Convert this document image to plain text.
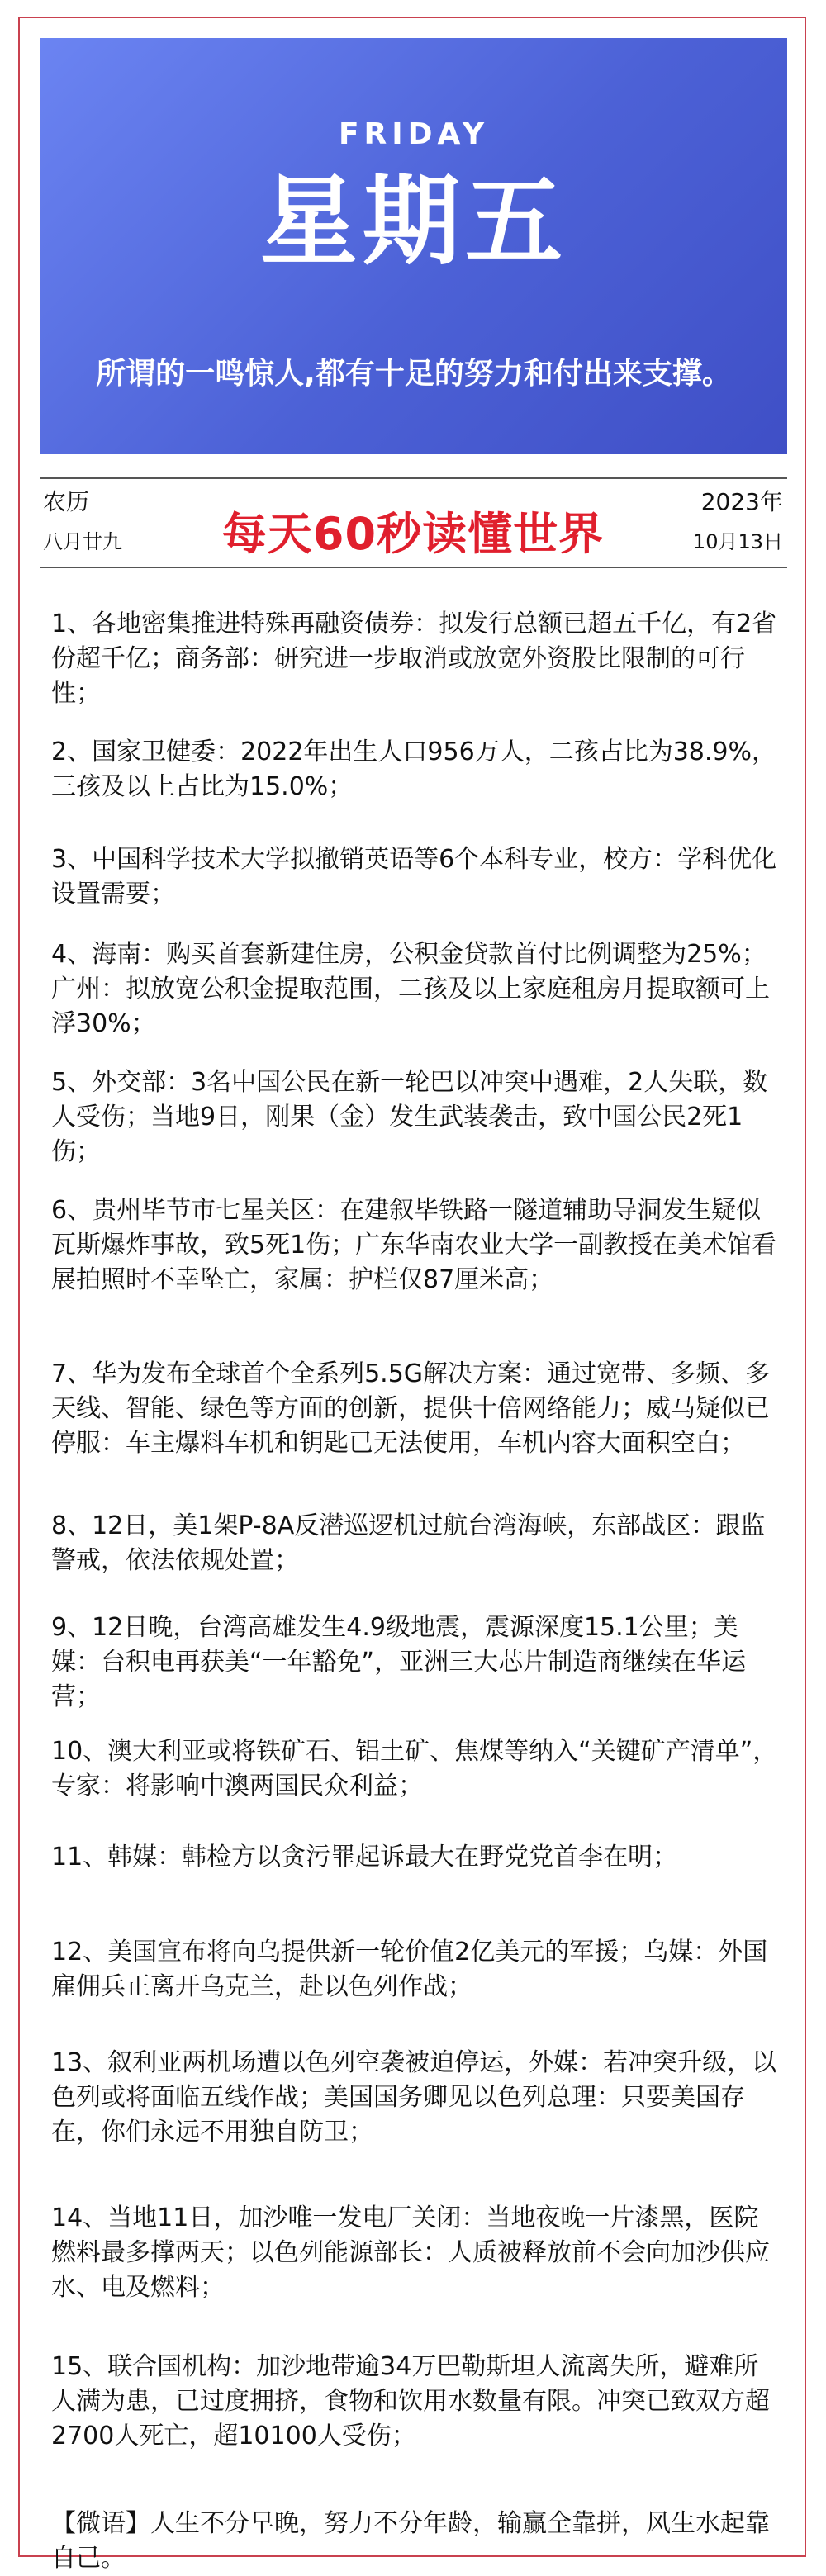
FRIDAY
星期五
所谓的一鸣惊人,都有十足的努力和付出来支撑。
农历
八月廿九	每天60秒读懂世界
2023年
10月13日
1、各地密集推进特殊再融资债券：拟发行总额已超五千亿，有2省份超千亿；商务部：研究进一步取消或放宽外资股比限制的可行性；
2、国家卫健委：2022年出生人口956万人，二孩占比为38.9%，三孩及以上占比为15.0%；
3、中国科学技术大学拟撤销英语等6个本科专业，校方：学科优化设置需要；
4、海南：购买首套新建住房，公积金贷款首付比例调整为25%；广州：拟放宽公积金提取范围，二孩及以上家庭租房月提取额可上浮30%；
5、外交部：3名中国公民在新一轮巴以冲突中遇难，2人失联，数人受伤；当地9日，刚果（金）发生武装袭击，致中国公民2死1伤；
6、贵州毕节市七星关区：在建叙毕铁路一隧道辅助导洞发生疑似瓦斯爆炸事故，致5死1伤；广东华南农业大学一副教授在美术馆看展拍照时不幸坠亡，家属：护栏仅87厘米高；
7、华为发布全球首个全系列5.5G解决方案：通过宽带、多频、多天线、智能、绿色等方面的创新，提供十倍网络能力；威马疑似已停服：车主爆料车机和钥匙已无法使用，车机内容大面积空白；
8、12日，美1架P-8A反潜巡逻机过航台湾海峡，东部战区：跟监警戒，依法依规处置；
9、12日晚，台湾高雄发生4.9级地震，震源深度15.1公里；美媒：台积电再获美“一年豁免”，亚洲三大芯片制造商继续在华运营；
10、澳大利亚或将铁矿石、铝土矿、焦煤等纳入“关键矿产清单”，专家：将影响中澳两国民众利益；
11、韩媒：韩检方以贪污罪起诉最大在野党党首李在明；
12、美国宣布将向乌提供新一轮价值2亿美元的军援；乌媒：外国雇佣兵正离开乌克兰，赴以色列作战；
13、叙利亚两机场遭以色列空袭被迫停运，外媒：若冲突升级，以色列或将面临五线作战；美国国务卿见以色列总理：只要美国存在，你们永远不用独自防卫；
14、当地11日，加沙唯一发电厂关闭：当地夜晚一片漆黑，医院燃料最多撑两天；以色列能源部长：人质被释放前不会向加沙供应水、电及燃料；
15、联合国机构：加沙地带逾34万巴勒斯坦人流离失所，避难所人满为患，已过度拥挤，食物和饮用水数量有限。冲突已致双方超2700人死亡，超10100人受伤；
【微语】人生不分早晚，努力不分年龄，输赢全靠拼，风生水起靠自己。
